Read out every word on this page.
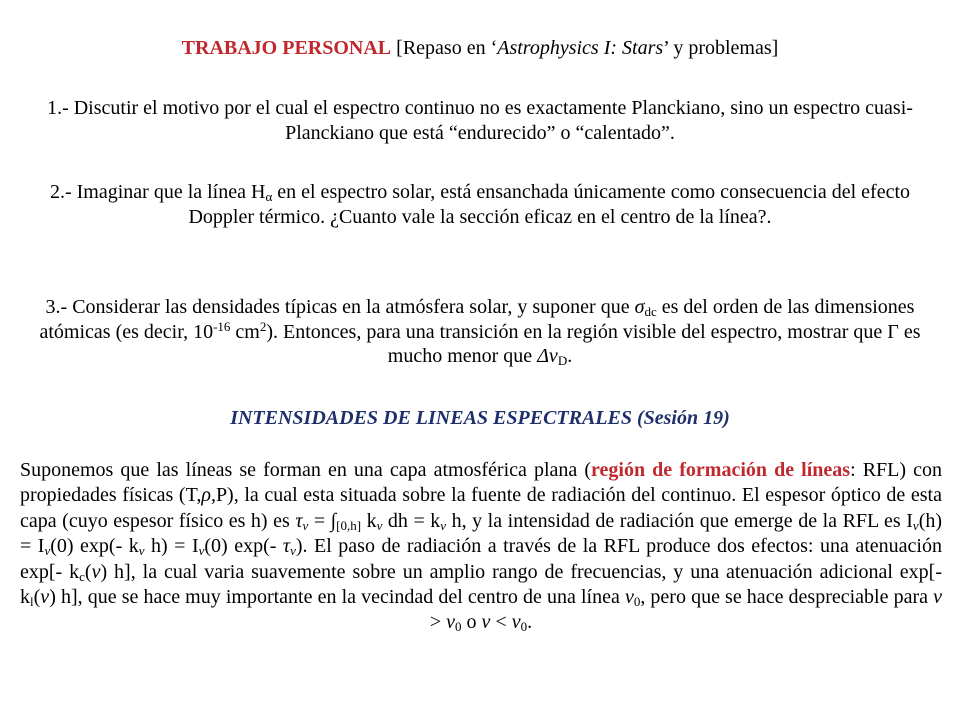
TRABAJO PERSONAL [Repaso en ‘Astrophysics I: Stars’ y problemas]
1.- Discutir el motivo por el cual el espectro continuo no es exactamente Planckiano, sino un espectro cuasi-Planckiano que está “endurecido” o “calentado”.
2.- Imaginar que la línea $H_\alpha$ en el espectro solar, está ensanchada únicamente como consecuencia del efecto Doppler térmico. ¿Cuanto vale la sección eficaz en el centro de la línea?.
3.- Considerar las densidades típicas en la atmósfera solar, y suponer que $\sigma_{dc}$ es del orden de las dimensiones atómicas (es decir, $10^{-16}$ $cm^2$). Entonces, para una transición en la región visible del espectro, mostrar que Γ es mucho menor que $\Delta\nu_D$.
INTENSIDADES DE LINEAS ESPECTRALES (Sesión 19)
Suponemos que las líneas se forman en una capa atmosférica plana (región de formación de líneas: RFL) con propiedades físicas (T,ρ,P), la cual esta situada sobre la fuente de radiación del continuo. El espesor óptico de esta capa (cuyo espesor físico es h) es $\tau_\nu = \int_{[0,h]}$ $k_\nu$ dh = $k_\nu$ h, y la intensidad de radiación que emerge de la RFL es $I_\nu(h) = I_\nu(0)$ exp(- $k_\nu$ $h) = I_\nu(0)$ exp(- $\tau_\nu$). El paso de radiación a través de la RFL produce dos efectos: una atenuación exp[- $k_c(\nu)$ h], la cual varia suavemente sobre un amplio rango de frecuencias, y una atenuación adicional exp[- $k_l(\nu)$ h], que se hace muy importante en la vecindad del centro de una línea $\nu_0$, pero que se hace despreciable para $\nu > \nu_0$ o $\nu < \nu_0$.
